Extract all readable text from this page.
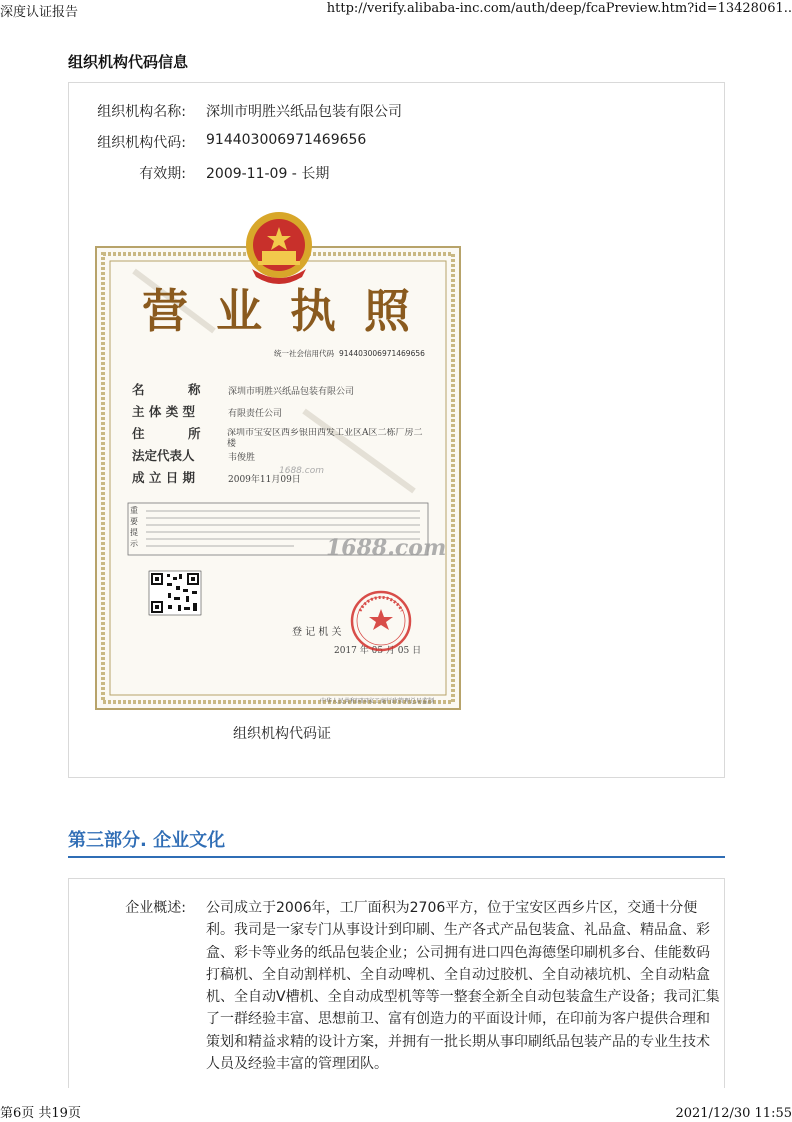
深度认证报告	http://verify.alibaba-inc.com/auth/deep/fcaPreview.htm?id=13428061..
组织机构代码信息
组织机构名称: 深圳市明胜兴纸品包装有限公司
组织机构代码: 914403006971469656
有效期: 2009-11-09 - 长期
营 业 执 照
统一社会信用代码 914403006971469656
名          称	深圳市明胜兴纸品包装有限公司
主 体 类 型	有限责任公司
住          所	深圳市宝安区西乡银田西发工业区A区二栋厂房二楼
法定代表人	韦俊胜
1688.com
成 立 日 期	2009年11月09日
重要提示	1688.com
登 记 机 关
2017 年 05 月 05 日
中华人民共和国国家工商行政管理总局监制
组织机构代码证
第三部分. 企业文化
企业概述: 公司成立于2006年，工厂面积为2706平方，位于宝安区西乡片区，交通十分便利。我司是一家专门从事设计到印刷、生产各式产品包装盒、礼品盒、精品盒、彩盒、彩卡等业务的纸品包装企业；公司拥有进口四色海德堡印刷机多台、佳能数码打稿机、全自动割样机、全自动啤机、全自动过胶机、全自动裱坑机、全自动粘盒机、全自动V槽机、全自动成型机等等一整套全新全自动包装盒生产设备；我司汇集了一群经验丰富、思想前卫、富有创造力的平面设计师，在印前为客户提供合理和策划和精益求精的设计方案，并拥有一批长期从事印刷纸品包装产品的专业生技术人员及经验丰富的管理团队。
第6页 共19页	2021/12/30 11:55
